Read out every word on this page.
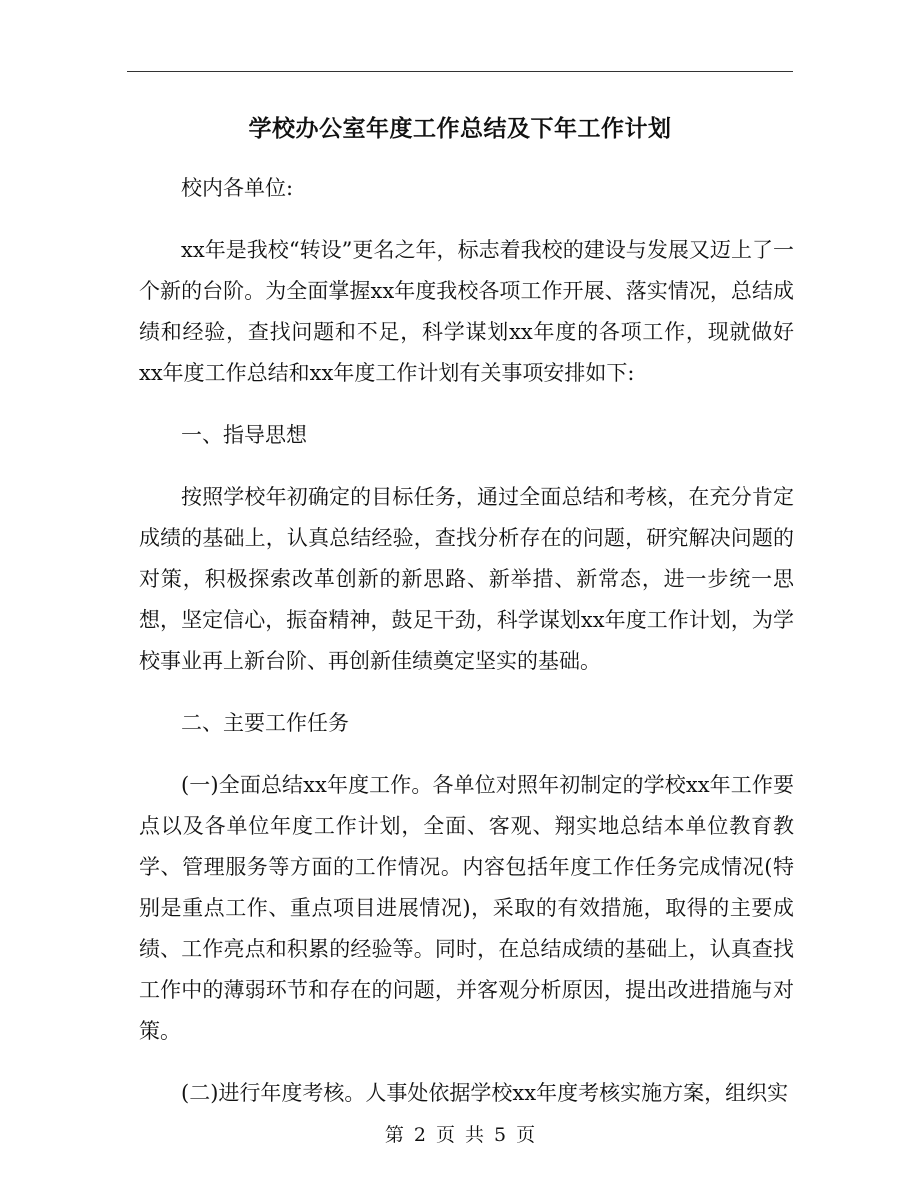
学校办公室年度工作总结及下年工作计划

校内各单位:

xx年是我校“转设”更名之年，标志着我校的建设与发展又迈上了一个新的台阶。为全面掌握xx年度我校各项工作开展、落实情况，总结成绩和经验，查找问题和不足，科学谋划xx年度的各项工作，现就做好xx年度工作总结和xx年度工作计划有关事项安排如下:

一、指导思想

按照学校年初确定的目标任务，通过全面总结和考核，在充分肯定成绩的基础上，认真总结经验，查找分析存在的问题，研究解决问题的对策，积极探索改革创新的新思路、新举措、新常态，进一步统一思想，坚定信心，振奋精神，鼓足干劲，科学谋划xx年度工作计划，为学校事业再上新台阶、再创新佳绩奠定坚实的基础。

二、主要工作任务

(一)全面总结xx年度工作。各单位对照年初制定的学校xx年工作要点以及各单位年度工作计划，全面、客观、翔实地总结本单位教育教学、管理服务等方面的工作情况。内容包括年度工作任务完成情况(特别是重点工作、重点项目进展情况)，采取的有效措施，取得的主要成绩、工作亮点和积累的经验等。同时，在总结成绩的基础上，认真查找工作中的薄弱环节和存在的问题，并客观分析原因，提出改进措施与对策。

(二)进行年度考核。人事处依据学校xx年度考核实施方案，组织实

第 2 页 共 5 页
